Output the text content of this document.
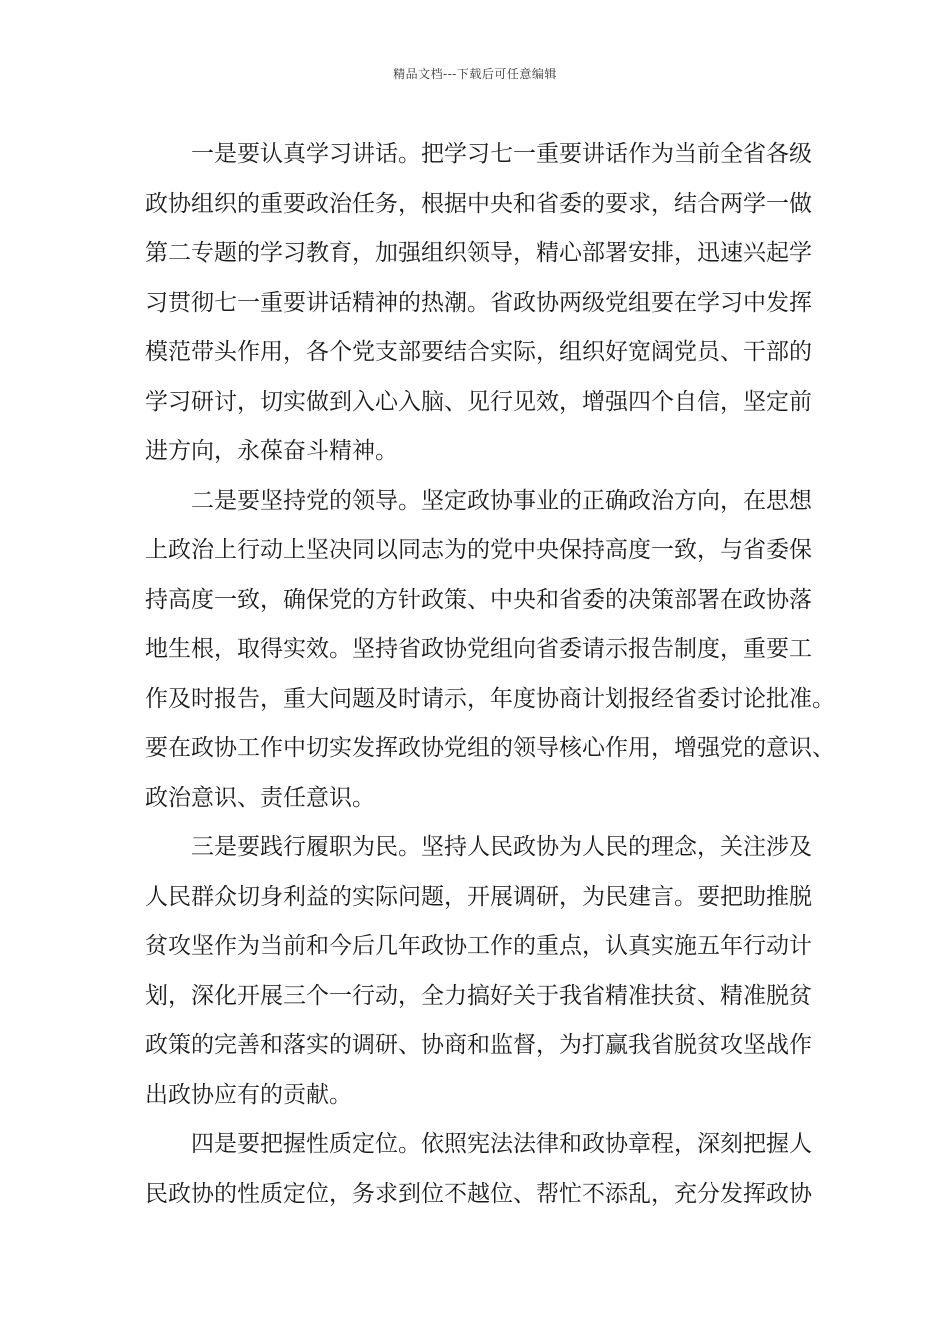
精品文档---下载后可任意编辑
一是要认真学习讲话。把学习七一重要讲话作为当前全省各级
政协组织的重要政治任务，根据中央和省委的要求，结合两学一做
第二专题的学习教育，加强组织领导，精心部署安排，迅速兴起学
习贯彻七一重要讲话精神的热潮。省政协两级党组要在学习中发挥
模范带头作用，各个党支部要结合实际，组织好宽阔党员、干部的
学习研讨，切实做到入心入脑、见行见效，增强四个自信，坚定前
进方向，永葆奋斗精神。
二是要坚持党的领导。坚定政协事业的正确政治方向，在思想
上政治上行动上坚决同以同志为的党中央保持高度一致，与省委保
持高度一致，确保党的方针政策、中央和省委的决策部署在政协落
地生根，取得实效。坚持省政协党组向省委请示报告制度，重要工
作及时报告，重大问题及时请示，年度协商计划报经省委讨论批准。
要在政协工作中切实发挥政协党组的领导核心作用，增强党的意识、
政治意识、责任意识。
三是要践行履职为民。坚持人民政协为人民的理念，关注涉及
人民群众切身利益的实际问题，开展调研，为民建言。要把助推脱
贫攻坚作为当前和今后几年政协工作的重点，认真实施五年行动计
划，深化开展三个一行动，全力搞好关于我省精准扶贫、精准脱贫
政策的完善和落实的调研、协商和监督，为打赢我省脱贫攻坚战作
出政协应有的贡献。
四是要把握性质定位。依照宪法法律和政协章程，深刻把握人
民政协的性质定位，务求到位不越位、帮忙不添乱，充分发挥政协
